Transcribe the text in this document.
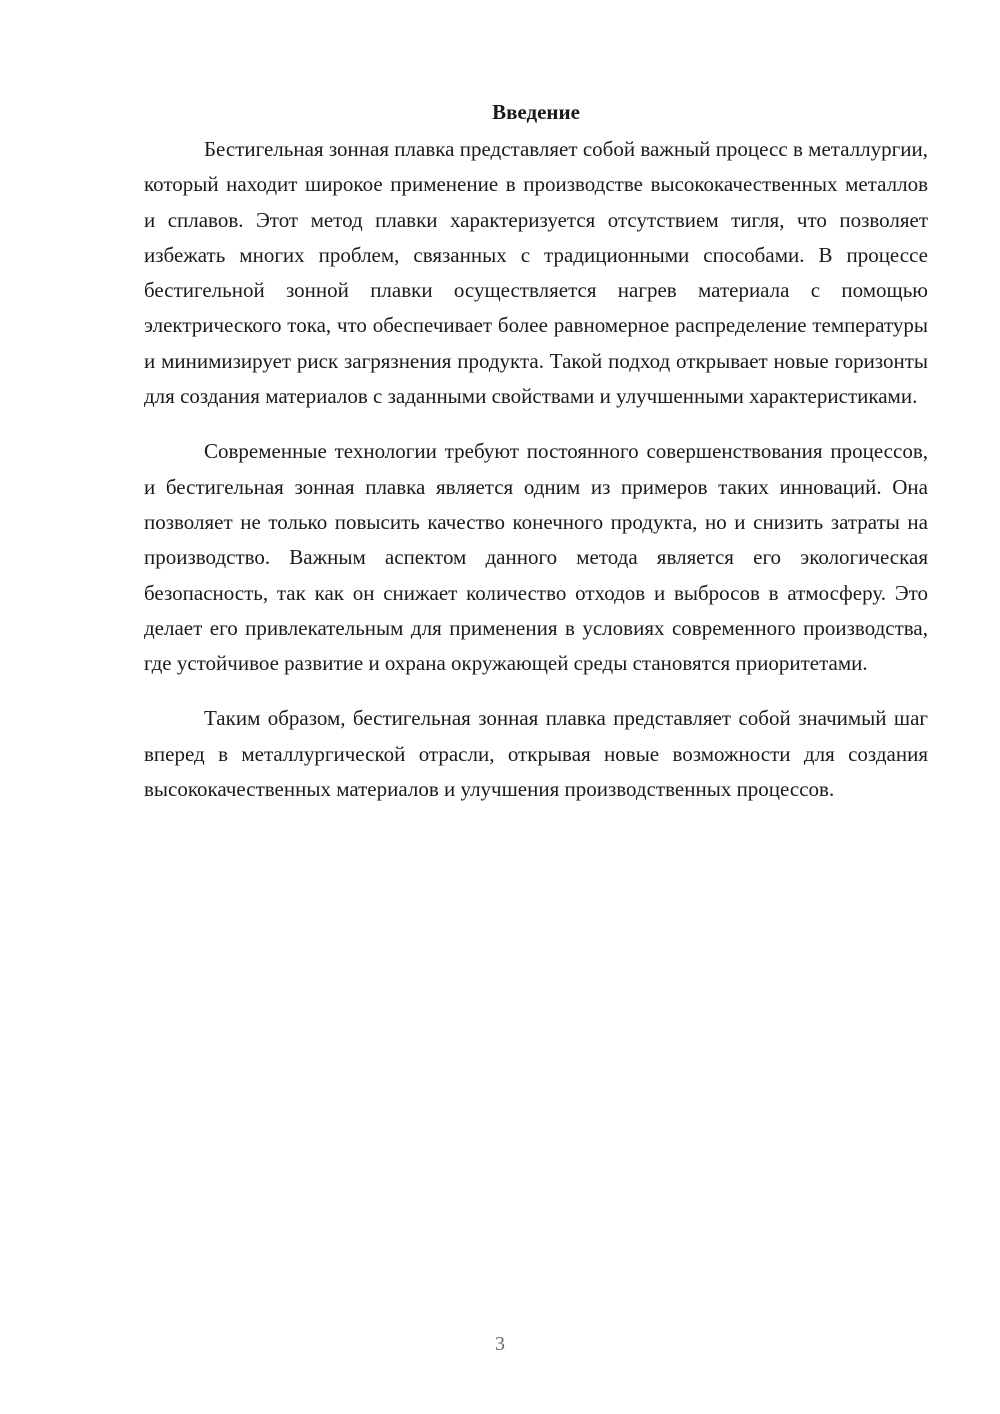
Введение

Бестигельная зонная плавка представляет собой важный процесс в металлургии, который находит широкое применение в производстве высококачественных металлов и сплавов. Этот метод плавки характеризуется отсутствием тигля, что позволяет избежать многих проблем, связанных с традиционными способами. В процессе бестигельной зонной плавки осуществляется нагрев материала с помощью электрического тока, что обеспечивает более равномерное распределение температуры и минимизирует риск загрязнения продукта. Такой подход открывает новые горизонты для создания материалов с заданными свойствами и улучшенными характеристиками.

Современные технологии требуют постоянного совершенствования процессов, и бестигельная зонная плавка является одним из примеров таких инноваций. Она позволяет не только повысить качество конечного продукта, но и снизить затраты на производство. Важным аспектом данного метода является его экологическая безопасность, так как он снижает количество отходов и выбросов в атмосферу. Это делает его привлекательным для применения в условиях современного производства, где устойчивое развитие и охрана окружающей среды становятся приоритетами.

Таким образом, бестигельная зонная плавка представляет собой значимый шаг вперед в металлургической отрасли, открывая новые возможности для создания высококачественных материалов и улучшения производственных процессов.

3
